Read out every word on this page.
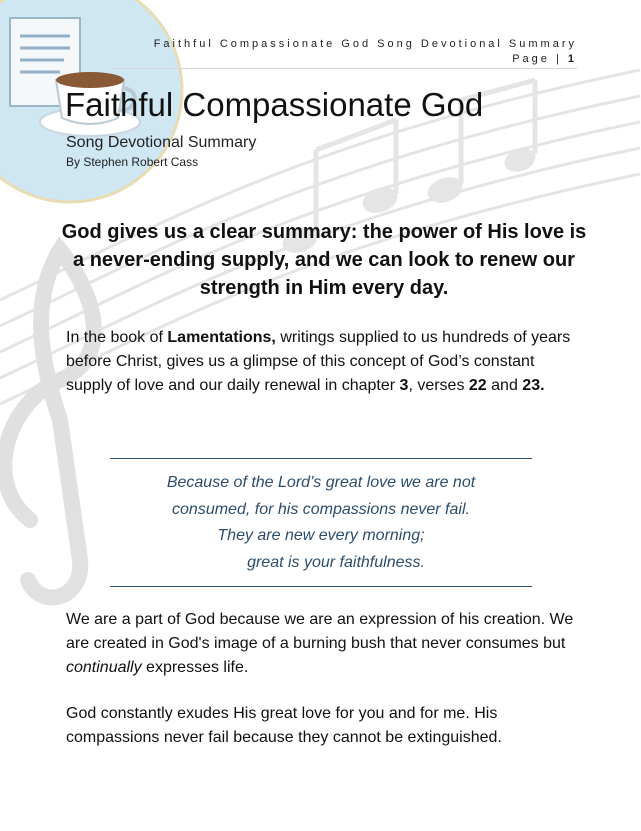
Faithful Compassionate God Song Devotional Summary
Page | 1
Faithful Compassionate God
Song Devotional Summary
By Stephen Robert Cass
God gives us a clear summary: the power of His love is a never-ending supply, and we can look to renew our strength in Him every day.
In the book of Lamentations, writings supplied to us hundreds of years before Christ, gives us a glimpse of this concept of God’s constant supply of love and our daily renewal in chapter 3, verses 22 and 23.
Because of the Lord’s great love we are not
consumed, for his compassions never fail.
They are new every morning;
great is your faithfulness.
We are a part of God because we are an expression of his creation. We are created in God's image of a burning bush that never consumes but continually expresses life.
God constantly exudes His great love for you and for me. His compassions never fail because they cannot be extinguished.
